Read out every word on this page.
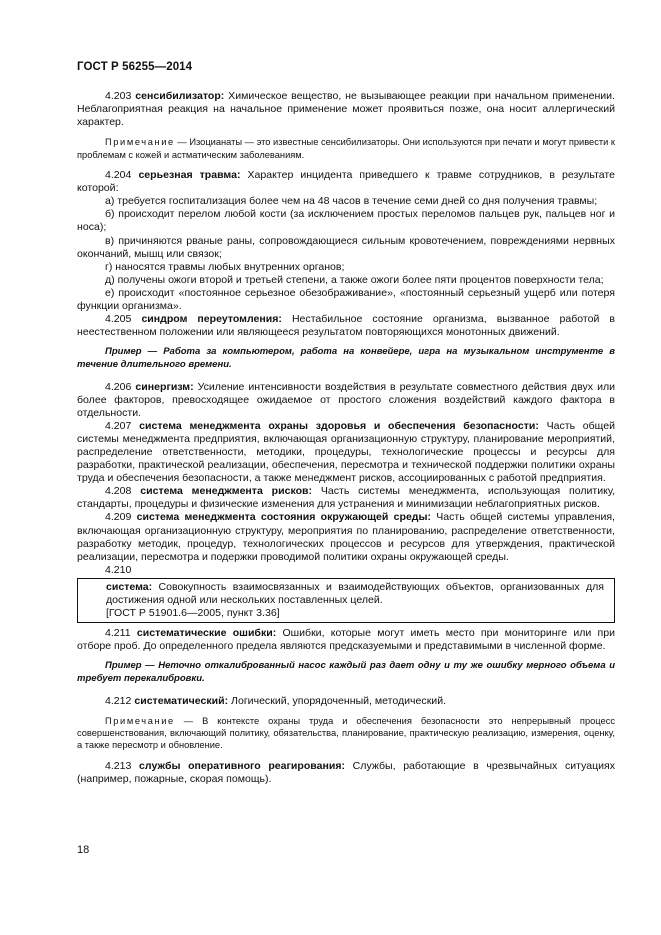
ГОСТ Р 56255—2014

4.203 сенсибилизатор: Химическое вещество, не вызывающее реакции при начальном применении. Неблагоприятная реакция на начальное применение может проявиться позже, она носит аллергический характер.

Примечание — Изоцианаты — это известные сенсибилизаторы. Они используются при печати и могут привести к проблемам с кожей и астматическим заболеваниям.

4.204 серьезная травма: Характер инцидента приведшего к травме сотрудников, в результате которой:

а) требуется госпитализация более чем на 48 часов в течение семи дней со дня получения травмы;

б) происходит перелом любой кости (за исключением простых переломов пальцев рук, пальцев ног и носа);

в) причиняются рваные раны, сопровождающиеся сильным кровотечением, повреждениями нервных окончаний, мышц или связок;

г) наносятся травмы любых внутренних органов;

д) получены ожоги второй и третьей степени, а также ожоги более пяти процентов поверхности тела;

е) происходит «постоянное серьезное обезображивание», «постоянный серьезный ущерб или потеря функции организма».

4.205 синдром переутомления: Нестабильное состояние организма, вызванное работой в неестественном положении или являющееся результатом повторяющихся монотонных движений.

Пример — Работа за компьютером, работа на конвейере, игра на музыкальном инструменте в течение длительного времени.

4.206 синергизм: Усиление интенсивности воздействия в результате совместного действия двух или более факторов, превосходящее ожидаемое от простого сложения воздействий каждого фактора в отдельности.

4.207 система менеджмента охраны здоровья и обеспечения безопасности: Часть общей системы менеджмента предприятия, включающая организационную структуру, планирование мероприятий, распределение ответственности, методики, процедуры, технологические процессы и ресурсы для разработки, практической реализации, обеспечения, пересмотра и технической поддержки политики охраны труда и обеспечения безопасности, а также менеджмент рисков, ассоциированных с работой предприятия.

4.208 система менеджмента рисков: Часть системы менеджмента, использующая политику, стандарты, процедуры и физические изменения для устранения и минимизации неблагоприятных рисков.

4.209 система менеджмента состояния окружающей среды: Часть общей системы управления, включающая организационную структуру, мероприятия по планированию, распределение ответственности, разработку методик, процедур, технологических процессов и ресурсов для утверждения, практической реализации, пересмотра и подержки проводимой политики охраны окружающей среды.

4.210

система: Совокупность взаимосвязанных и взаимодействующих объектов, организованных для достижения одной или нескольких поставленных целей.

[ГОСТ Р 51901.6—2005, пункт 3.36]

4.211 систематические ошибки: Ошибки, которые могут иметь место при мониторинге или при отборе проб. До определенного предела являются предсказуемыми и представимыми в численной форме.

Пример — Неточно откалиброванный насос каждый раз дает одну и ту же ошибку мерного объема и требует перекалибровки.

4.212 систематический: Логический, упорядоченный, методический.

Примечание — В контексте охраны труда и обеспечения безопасности это непрерывный процесс совершенствования, включающий политику, обязательства, планирование, практическую реализацию, измерения, оценку, а также пересмотр и обновление.

4.213 службы оперативного реагирования: Службы, работающие в чрезвычайных ситуациях (например, пожарные, скорая помощь).

18
